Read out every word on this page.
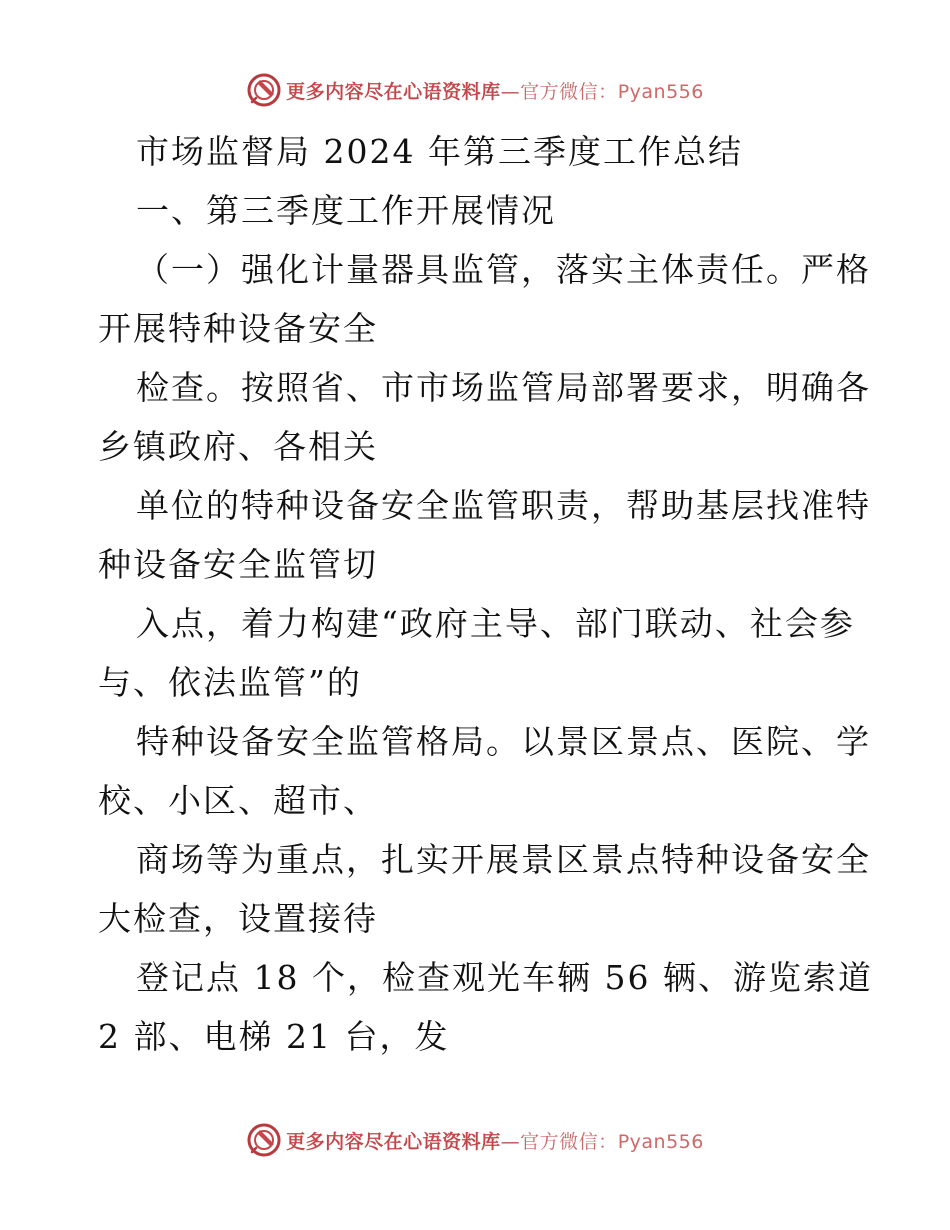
更多内容尽在心语资料库—官方微信：Pyan556
市场监督局 2024 年第三季度工作总结
一、第三季度工作开展情况
（一）强化计量器具监管，落实主体责任。严格
开展特种设备安全
检查。按照省、市市场监管局部署要求，明确各
乡镇政府、各相关
单位的特种设备安全监管职责，帮助基层找准特
种设备安全监管切
入点，着力构建“政府主导、部门联动、社会参
与、依法监管”的
特种设备安全监管格局。以景区景点、医院、学
校、小区、超市、
商场等为重点，扎实开展景区景点特种设备安全
大检查，设置接待
登记点 18 个，检查观光车辆 56 辆、游览索道
2 部、电梯 21 台，发
更多内容尽在心语资料库—官方微信：Pyan556
